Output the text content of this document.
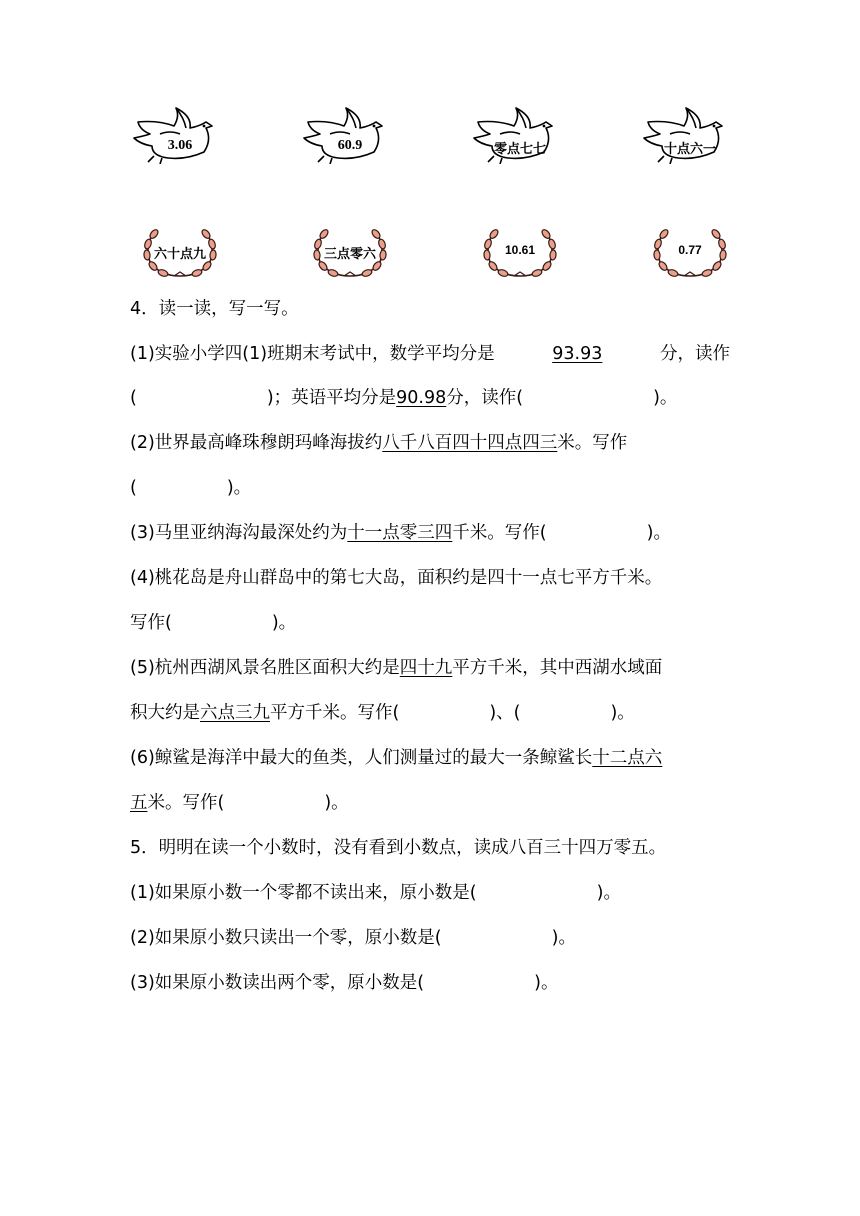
3.06	60.9	零点七七	十点六一
六十点九	三点零六	10.61	0.77
4．读一读，写一写。
(1)实验小学四(1)班期末考试中，数学平均分是	93.93	分，读作
(	)；英语平均分是90.98分，读作(	)。
(2)世界最高峰珠穆朗玛峰海拔约八千八百四十四点四三米。写作
(	)。
(3)马里亚纳海沟最深处约为十一点零三四千米。写作(	)。
(4)桃花岛是舟山群岛中的第七大岛，面积约是四十一点七平方千米。
写作(	)。
(5)杭州西湖风景名胜区面积大约是四十九平方千米，其中西湖水域面
积大约是六点三九平方千米。写作(	)、(	)。
(6)鲸鲨是海洋中最大的鱼类，人们测量过的最大一条鲸鲨长十二点六
五米。写作(	)。
5．明明在读一个小数时，没有看到小数点，读成八百三十四万零五。
(1)如果原小数一个零都不读出来，原小数是(	)。
(2)如果原小数只读出一个零，原小数是(	)。
(3)如果原小数读出两个零，原小数是(	)。
